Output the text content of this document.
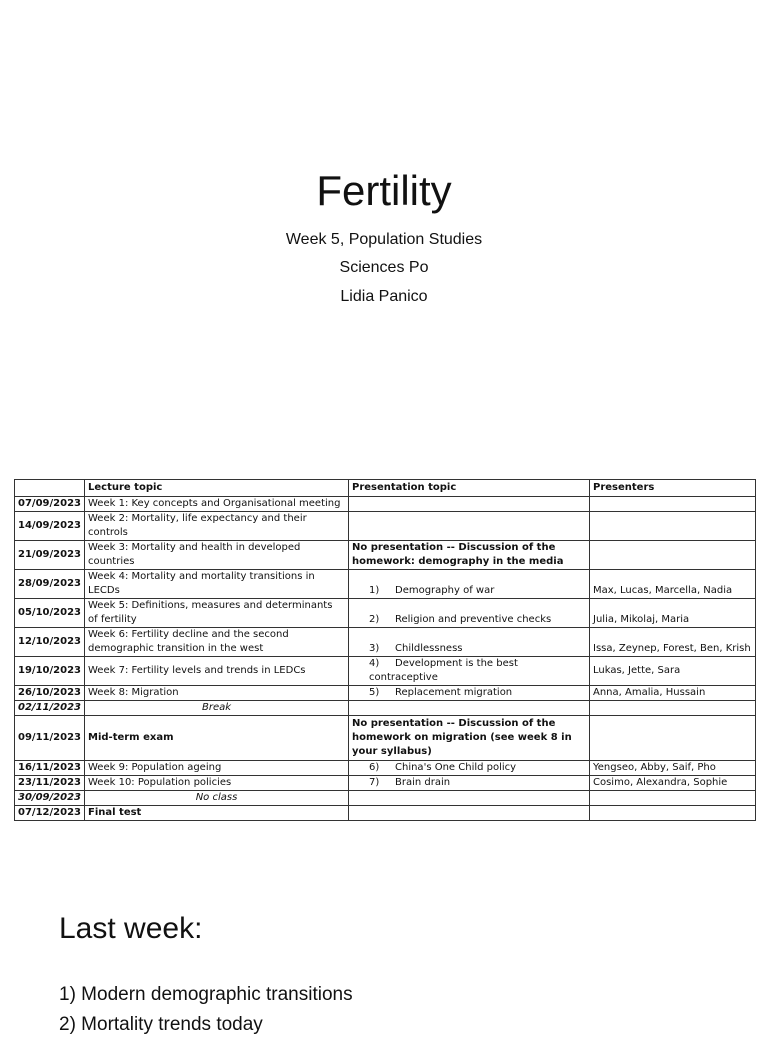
Fertility
Week 5, Population Studies
Sciences Po
Lidia Panico
	Lecture topic	Presentation topic	Presenters
07/09/2023	Week 1: Key concepts and Organisational meeting		
14/09/2023	Week 2: Mortality, life expectancy and their controls		
21/09/2023	Week 3: Mortality and health in developed countries	No presentation -- Discussion of the homework: demography in the media	
28/09/2023	Week 4: Mortality and mortality transitions in LECDs	1) Demography of war	Max, Lucas, Marcella, Nadia
05/10/2023	Week 5: Definitions, measures and determinants of fertility	2) Religion and preventive checks	Julia, Mikolaj, Maria
12/10/2023	Week 6: Fertility decline and the second demographic transition in the west	3) Childlessness	Issa, Zeynep, Forest, Ben, Krish
19/10/2023	Week 7: Fertility levels and trends in LEDCs	4) Development is the best contraceptive	Lukas, Jette, Sara
26/10/2023	Week 8: Migration	5) Replacement migration	Anna, Amalia, Hussain
02/11/2023	Break		
09/11/2023	Mid-term exam	No presentation -- Discussion of the homework on migration (see week 8 in your syllabus)	
16/11/2023	Week 9: Population ageing	6) China's One Child policy	Yengseo, Abby, Saif, Pho
23/11/2023	Week 10: Population policies	7) Brain drain	Cosimo, Alexandra, Sophie
30/09/2023	No class		
07/12/2023	Final test		
Last week:
1) Modern demographic transitions
2) Mortality trends today
